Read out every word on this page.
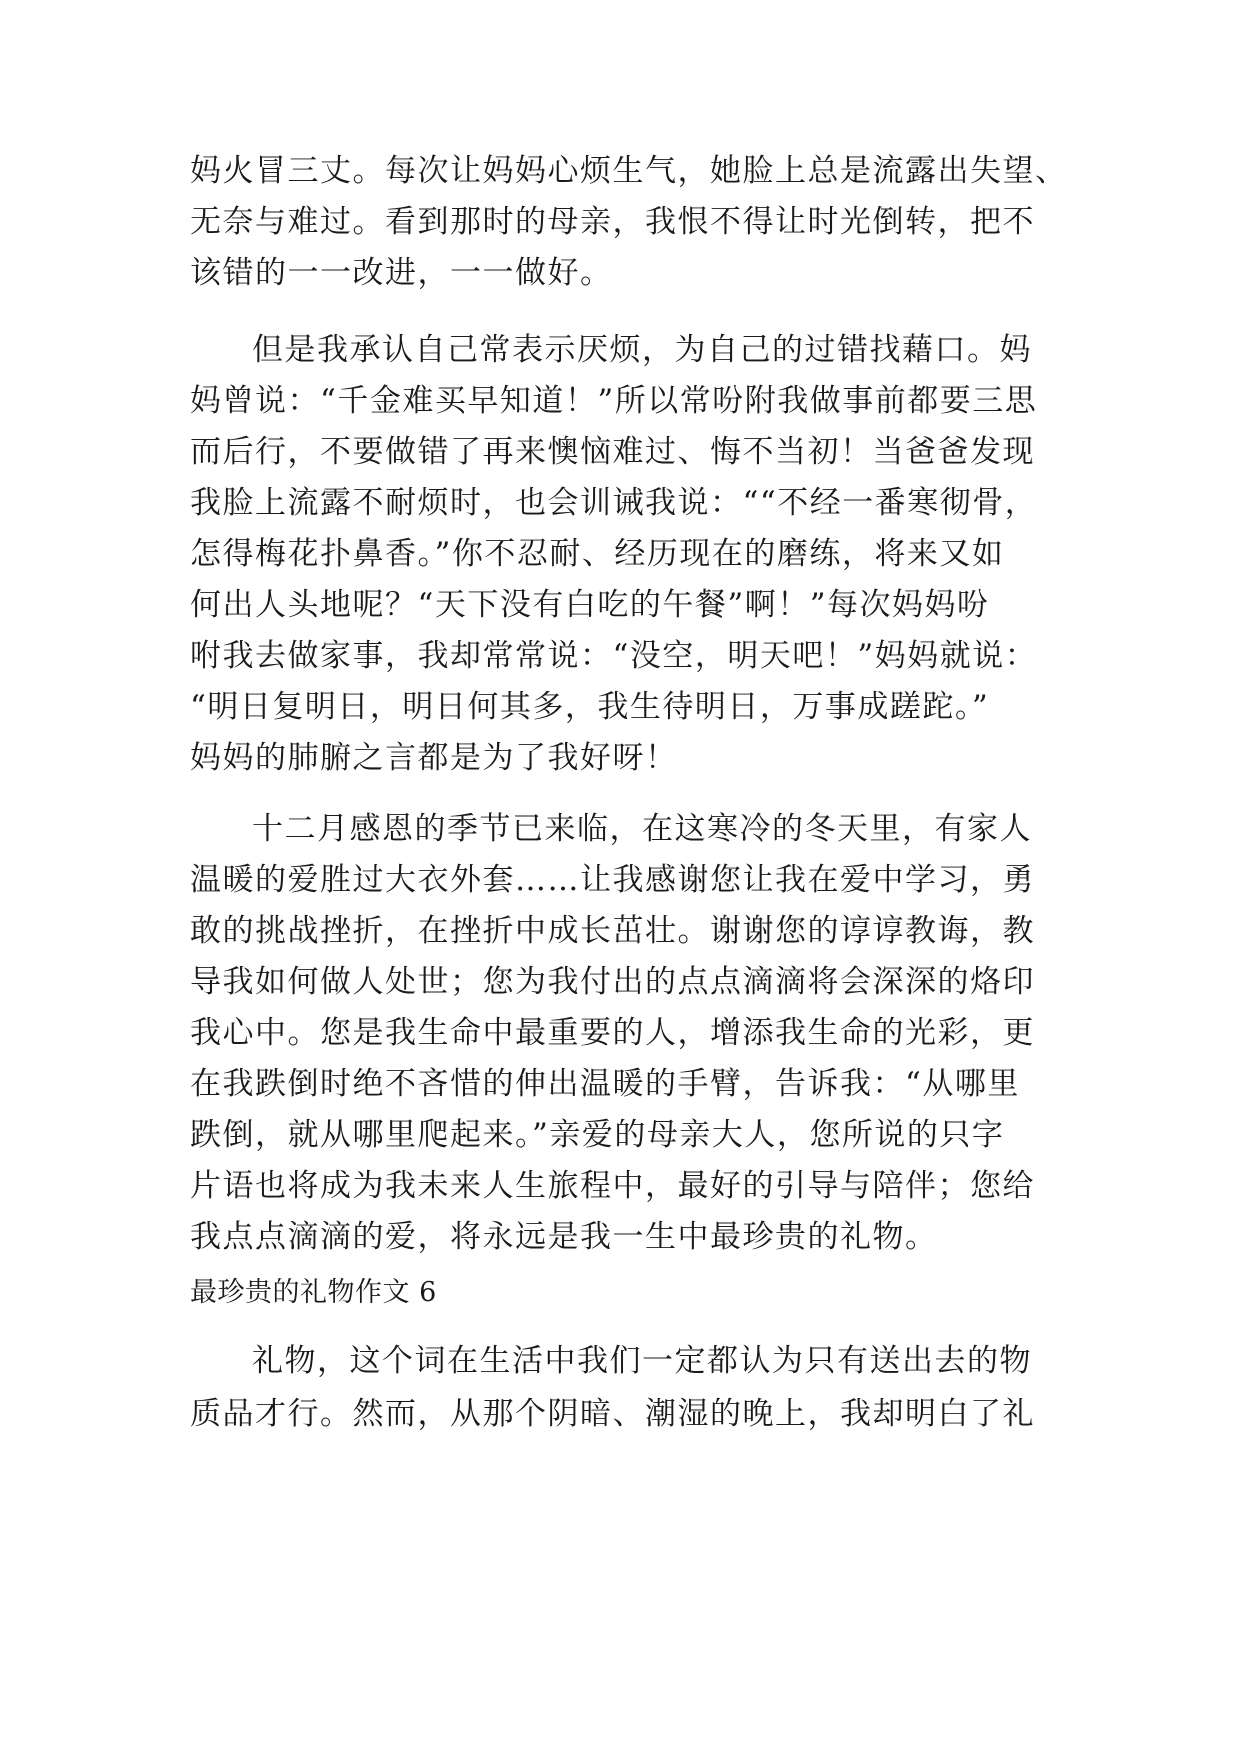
妈火冒三丈。每次让妈妈心烦生气，她脸上总是流露出失望、
无奈与难过。看到那时的母亲，我恨不得让时光倒转，把不
该错的一一改进，一一做好。
但是我承认自己常表示厌烦，为自己的过错找藉口。妈
妈曾说：“千金难买早知道！”所以常吩附我做事前都要三思
而后行，不要做错了再来懊恼难过、悔不当初！当爸爸发现
我脸上流露不耐烦时，也会训诫我说：““不经一番寒彻骨，
怎得梅花扑鼻香。”你不忍耐、经历现在的磨练，将来又如
何出人头地呢？“天下没有白吃的午餐”啊！”每次妈妈吩
咐我去做家事，我却常常说：“没空，明天吧！”妈妈就说：
“明日复明日，明日何其多，我生待明日，万事成蹉跎。”
妈妈的肺腑之言都是为了我好呀！
十二月感恩的季节已来临，在这寒冷的冬天里，有家人
温暖的爱胜过大衣外套……让我感谢您让我在爱中学习，勇
敢的挑战挫折，在挫折中成长茁壮。谢谢您的谆谆教诲，教
导我如何做人处世；您为我付出的点点滴滴将会深深的烙印
我心中。您是我生命中最重要的人，增添我生命的光彩，更
在我跌倒时绝不吝惜的伸出温暖的手臂，告诉我：“从哪里
跌倒，就从哪里爬起来。”亲爱的母亲大人，您所说的只字
片语也将成为我未来人生旅程中，最好的引导与陪伴；您给
我点点滴滴的爱，将永远是我一生中最珍贵的礼物。
最珍贵的礼物作文 6
礼物，这个词在生活中我们一定都认为只有送出去的物
质品才行。然而，从那个阴暗、潮湿的晚上，我却明白了礼
